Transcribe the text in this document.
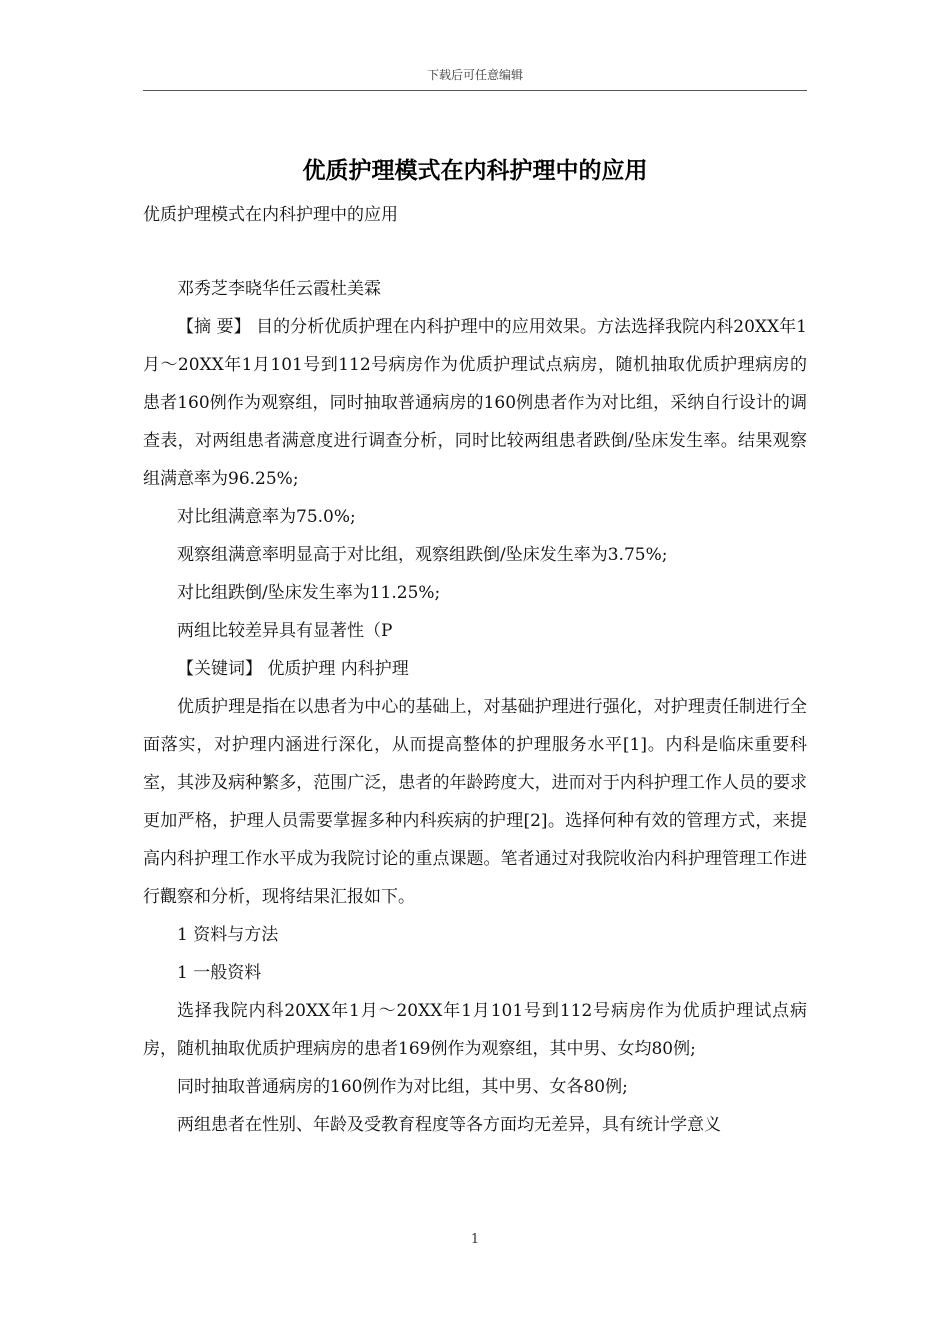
下载后可任意编辑
优质护理模式在内科护理中的应用
优质护理模式在内科护理中的应用

邓秀芝李晓华任云霞杜美霖

【摘 要】 目的分析优质护理在内科护理中的应用效果。方法选择我院内科20XX年1月～20XX年1月101号到112号病房作为优质护理试点病房，随机抽取优质护理病房的患者160例作为观察组，同时抽取普通病房的160例患者作为对比组，采纳自行设计的调查表，对两组患者满意度进行调查分析，同时比较两组患者跌倒/坠床发生率。结果观察组满意率为96.25%;

对比组满意率为75.0%;

观察组满意率明显高于对比组，观察组跌倒/坠床发生率为3.75%;

对比组跌倒/坠床发生率为11.25%;

两组比较差异具有显著性（P

【关键词】 优质护理 内科护理

优质护理是指在以患者为中心的基础上，对基础护理进行强化，对护理责任制进行全面落实，对护理内涵进行深化，从而提高整体的护理服务水平[1]。内科是临床重要科室，其涉及病种繁多，范围广泛，患者的年龄跨度大，进而对于内科护理工作人员的要求更加严格，护理人员需要掌握多种内科疾病的护理[2]。选择何种有效的管理方式，来提高内科护理工作水平成为我院讨论的重点课题。笔者通过对我院收治内科护理管理工作进行觀察和分析，现将结果汇报如下。

1 资料与方法

1 一般资料

选择我院内科20XX年1月～20XX年1月101号到112号病房作为优质护理试点病房，随机抽取优质护理病房的患者169例作为观察组，其中男、女均80例;

同时抽取普通病房的160例作为对比组，其中男、女各80例;

两组患者在性别、年龄及受教育程度等各方面均无差异，具有统计学意义

1
